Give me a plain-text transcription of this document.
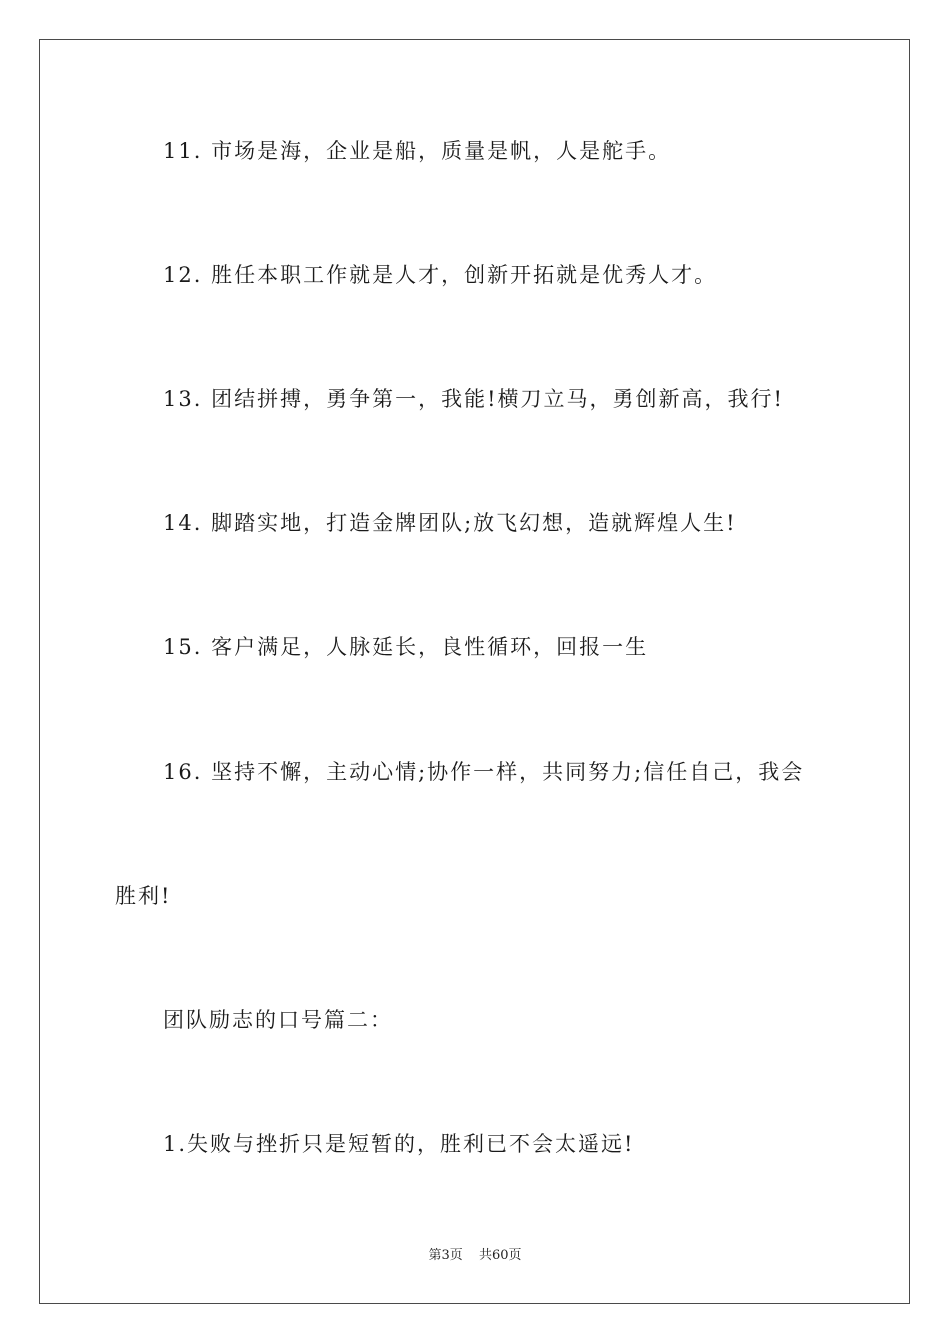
11. 市场是海，企业是船，质量是帆，人是舵手。
12. 胜任本职工作就是人才，创新开拓就是优秀人才。
13. 团结拼搏，勇争第一，我能!横刀立马，勇创新高，我行!
14. 脚踏实地，打造金牌团队;放飞幻想，造就辉煌人生!
15. 客户满足，人脉延长，良性循环，回报一生
16. 坚持不懈，主动心情;协作一样，共同努力;信任自己，我会
胜利!
团队励志的口号篇二：
1.失败与挫折只是短暂的，胜利已不会太遥远!
第3页 共60页
